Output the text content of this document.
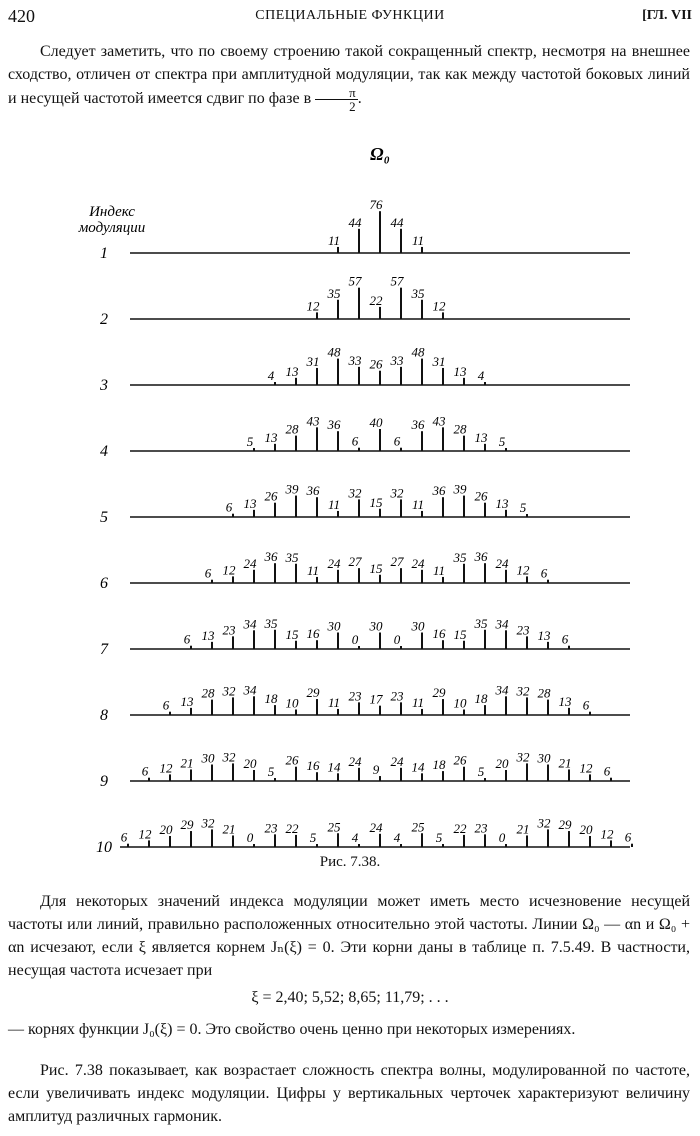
420	СПЕЦИАЛЬНЫЕ ФУНКЦИИ	[ГЛ. VII

Следует заметить, что по своему строению такой сокращенный спектр, несмотря на внешнее сходство, отличен от спектра при амплитудной модуляции, так как между частотой боковых линий и несущей частотой имеется сдвиг по фазе в $\frac{\pi}{2}$ .

Ω₀
Индекс
модуляции
1
11
44
76
44
11
2
12
35
57
22
57
35
12
3
4 13
31
48
33 26 33
48
31
13 4
4
5 13
28
43 36
6
40
6
36 43
28
13 5
5
6 13 26 39 36
11
32
15
32
11
36 39 26 13 5
6
6 12 24 36 35
11 24 27 15 27 24 11
35 36 24 12 6
7
6 13 23 34 35
15 16
30
0
30
0
30
16 15
35 34 23 13 6
8
6 13
28 32 34
18 10
29
11 23 17 23 11
29
10 18
34 32 28
13 6
9
6 12 21 30 32 20
5
26 16 14 24
9
24 14 18 26
5
20 32 30 21 12 6
10
6 12 20 29 32 21
0
23 22
5
25
4
24
4
25
5
22 23
0
21 32 29 20 12 6
Рис. 7.38.

Для некоторых значений индекса модуляции может иметь место исчезновение несущей частоты или линий, правильно расположенных относительно этой частоты. Линии Ω₀ — αn и Ω₀ + αn исчезают, если ξ является корнем Jₙ(ξ) = 0. Эти корни даны в таблице п. 7.5.49. В частности, несущая частота исчезает при

ξ = 2,40; 5,52; 8,65; 11,79; . . .

— корнях функции J₀(ξ) = 0. Это свойство очень ценно при некоторых измерениях.

Рис. 7.38 показывает, как возрастает сложность спектра волны, модулированной по частоте, если увеличивать индекс модуляции. Цифры у вертикальных черточек характеризуют величину амплитуд различных гармоник.
